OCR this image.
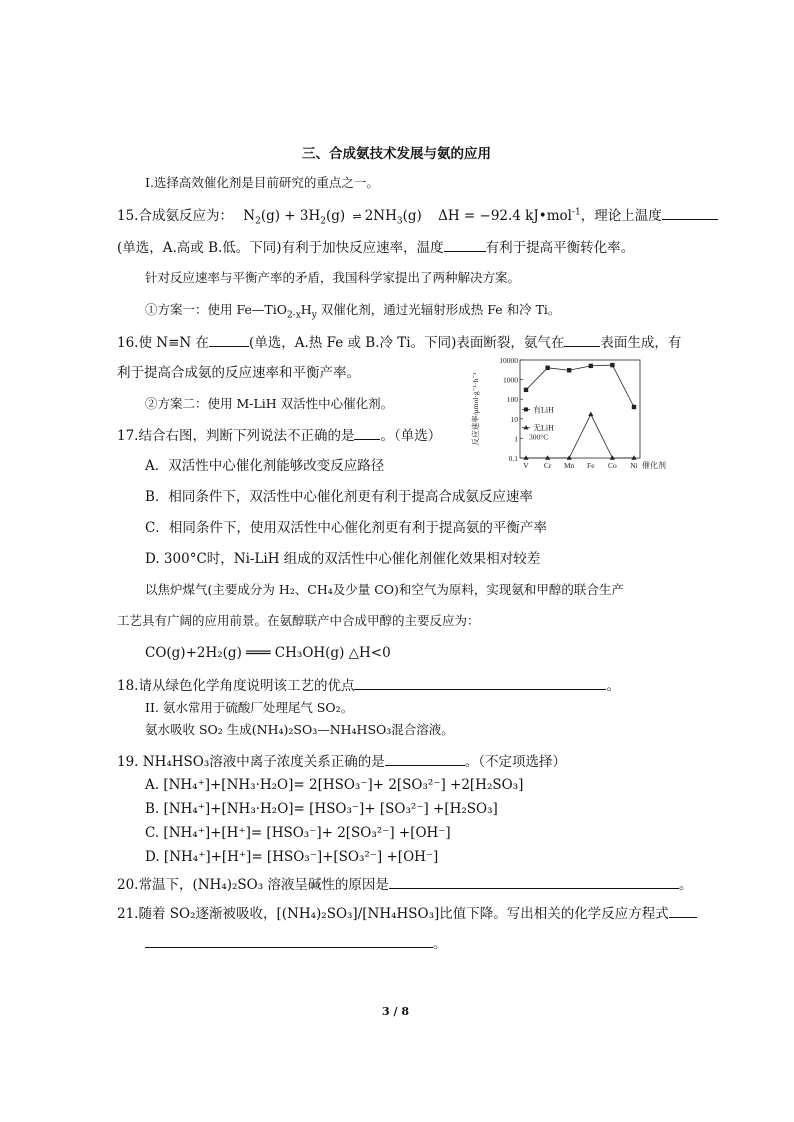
三、合成氨技术发展与氨的应用
I.选择高效催化剂是目前研究的重点之一。
15.合成氨反应为： $N_2(g) + 3H_2(g)$ ⇌ $2NH_3(g) \Delta H = -92.4$ kJ•mol$^{-1}$，理论上温度
(单选，A.高或 B.低。下同)有利于加快反应速率，温度	有利于提高平衡转化率。
针对反应速率与平衡产率的矛盾，我国科学家提出了两种解决方案。
①方案一：使用 $Fe—TiO_{2-x}H_y$ 双催化剂，通过光辐射形成热 Fe 和冷 Ti。
16.使 N≡N 在	(单选，A.热 Fe 或 B.冷 Ti。下同)表面断裂，氨气在	表面生成，有
利于提高合成氨的反应速率和平衡产率。
②方案二：使用 M-LiH 双活性中心催化剂。
17.结合右图，判断下列说法不正确的是 。（单选）
A．双活性中心催化剂能够改变反应路径
B．相同条件下，双活性中心催化剂更有利于提高合成氨反应速率
C．相同条件下，使用双活性中心催化剂更有利于提高氨的平衡产率
D. 300°C时，Ni-LiH 组成的双活性中心催化剂催化效果相对较差
以焦炉煤气(主要成分为 H₂、CH₄及少量 CO)和空气为原料，实现氨和甲醇的联合生产
工艺具有广阔的应用前景。在氨醇联产中合成甲醇的主要反应为：
CO(g)+2H₂(g) ═══ CH₃OH(g) △H<0
18.请从绿色化学角度说明该工艺的优点	。
II. 氨水常用于硫酸厂处理尾气 SO₂。
氨水吸收 SO₂ 生成(NH₄)₂SO₃—NH₄HSO₃混合溶液。
19. NH₄HSO₃溶液中离子浓度关系正确的是	。（不定项选择）
A. [NH₄⁺]+[NH₃·H₂O]= 2[HSO₃⁻]+ 2[SO₃²⁻] +2[H₂SO₃]
B. [NH₄⁺]+[NH₃·H₂O]= [HSO₃⁻]+ [SO₃²⁻] +[H₂SO₃]
C. [NH₄⁺]+[H⁺]= [HSO₃⁻]+ 2[SO₃²⁻] +[OH⁻]
D. [NH₄⁺]+[H⁺]= [HSO₃⁻]+[SO₃²⁻] +[OH⁻]
20.常温下，(NH₄)₂SO₃ 溶液呈碱性的原因是	。
21.随着 SO₂逐渐被吸收，[(NH₄)₂SO₃]/[NH₄HSO₃]比值下降。写出相关的化学反应方程式
。
3 / 8
0.1
1
10
100
1000
10000
V Cr Mn Fe Co Ni 催化剂
反应速率/μmol·g⁻¹·h⁻¹	有LiH
无LiH
300°C
